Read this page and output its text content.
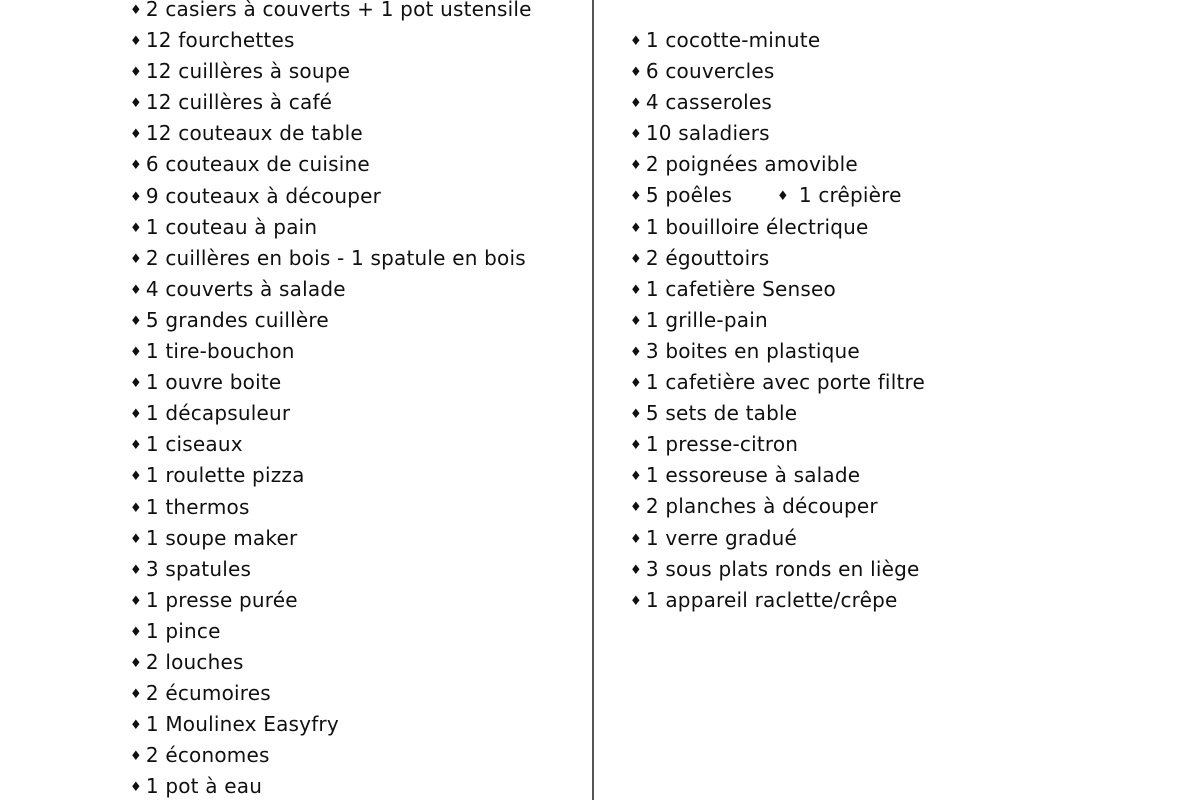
♦ 2 casiers à couverts + 1 pot ustensile
♦ 12 fourchettes
♦ 12 cuillères à soupe
♦ 12 cuillères à café
♦ 12 couteaux de table
♦ 6 couteaux de cuisine
♦ 9 couteaux à découper
♦ 1 couteau à pain
♦ 2 cuillères en bois - 1 spatule en bois
♦ 4 couverts à salade
♦ 5 grandes cuillère
♦ 1 tire-bouchon
♦ 1 ouvre boite
♦ 1 décapsuleur
♦ 1 ciseaux
♦ 1 roulette pizza
♦ 1 thermos
♦ 1 soupe maker
♦ 3 spatules
♦ 1 presse purée
♦ 1 pince
♦ 2 louches
♦ 2 écumoires
♦ 1 Moulinex Easyfry
♦ 2 économes
♦ 1 pot à eau
♦ 1 cocotte-minute
♦ 6 couvercles
♦ 4 casseroles
♦ 10 saladiers
♦ 2 poignées amovible
♦ 5 poêles	♦ 1 crêpière
♦ 1 bouilloire électrique
♦ 2 égouttoirs
♦ 1 cafetière Senseo
♦ 1 grille-pain
♦ 3 boites en plastique
♦ 1 cafetière avec porte filtre
♦ 5 sets de table
♦ 1 presse-citron
♦ 1 essoreuse à salade
♦ 2 planches à découper
♦ 1 verre gradué
♦ 3 sous plats ronds en liège
♦ 1 appareil raclette/crêpe
